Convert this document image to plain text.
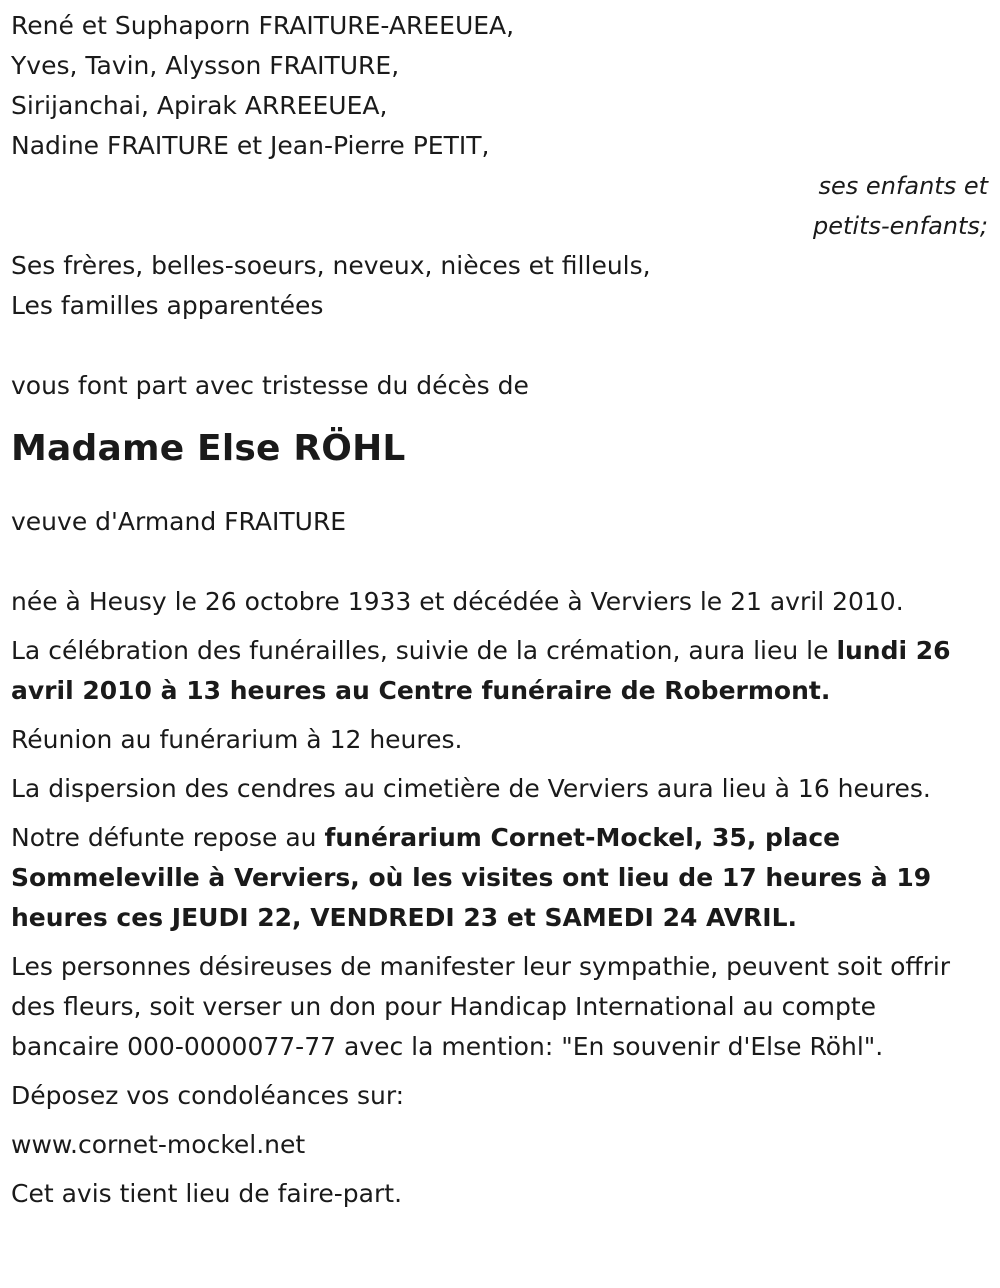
René et Suphaporn FRAITURE-AREEUEA,

Yves, Tavin, Alysson FRAITURE,

Sirijanchai, Apirak ARREEUEA,

Nadine FRAITURE et Jean-Pierre PETIT,

ses enfants et

petits-enfants;

Ses frères, belles-soeurs, neveux, nièces et filleuls,

Les familles apparentées

vous font part avec tristesse du décès de

Madame Else RÖHL

veuve d'Armand FRAITURE

née à Heusy le 26 octobre 1933 et décédée à Verviers le 21 avril 2010.

La célébration des funérailles, suivie de la crémation, aura lieu le lundi 26 avril 2010 à 13 heures au Centre funéraire de Robermont.

Réunion au funérarium à 12 heures.

La dispersion des cendres au cimetière de Verviers aura lieu à 16 heures.

Notre défunte repose au funérarium Cornet-Mockel, 35, place Sommeleville à Verviers, où les visites ont lieu de 17 heures à 19 heures ces JEUDI 22, VENDREDI 23 et SAMEDI 24 AVRIL.

Les personnes désireuses de manifester leur sympathie, peuvent soit offrir des fleurs, soit verser un don pour Handicap International au compte bancaire 000-0000077-77 avec la mention: "En souvenir d'Else Röhl".

Déposez vos condoléances sur:

www.cornet-mockel.net

Cet avis tient lieu de faire-part.
